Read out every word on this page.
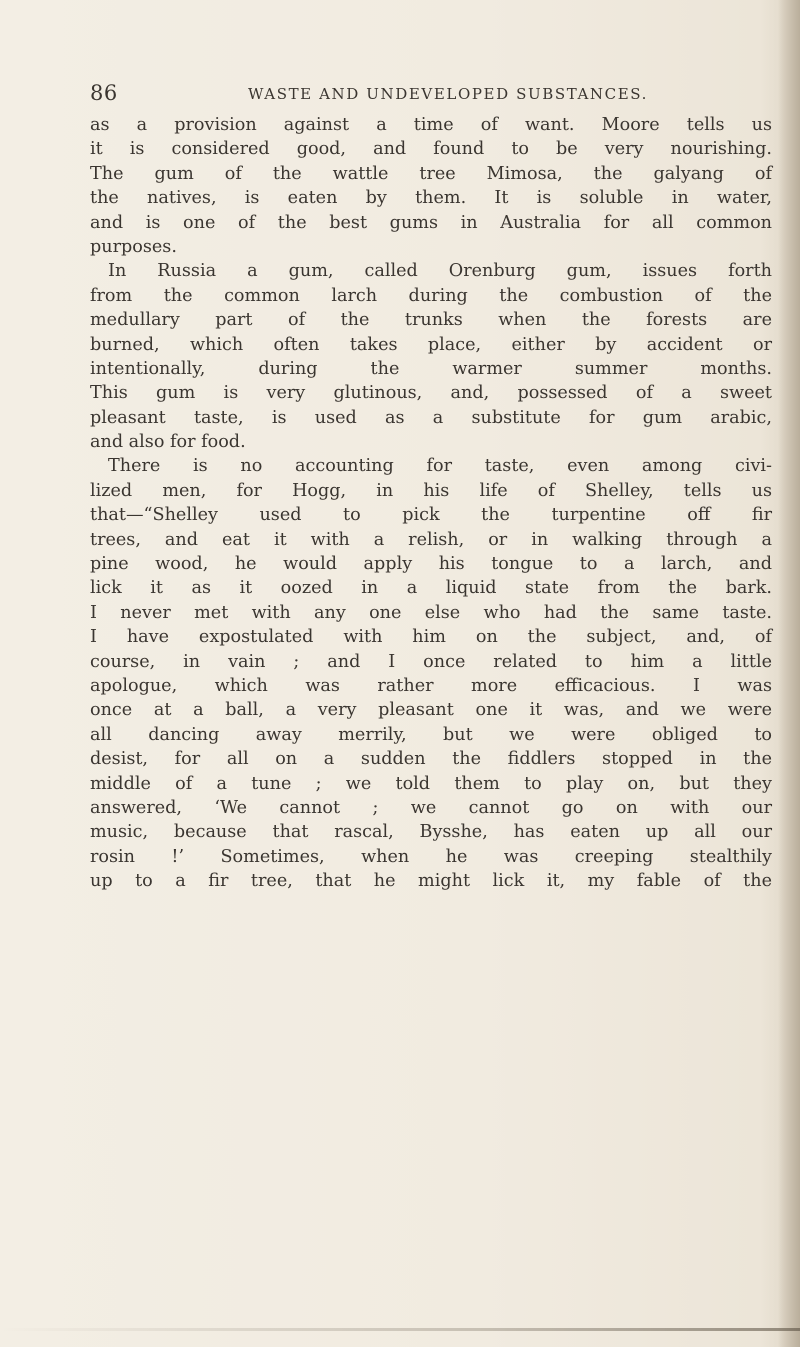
86	WASTE AND UNDEVELOPED SUBSTANCES.
as a provision against a time of want. Moore tells us
it is considered good, and found to be very nourishing.
The gum of the wattle tree Mimosa, the galyang of
the natives, is eaten by them. It is soluble in water,
and is one of the best gums in Australia for all common
purposes.
In Russia a gum, called Orenburg gum, issues forth
from the common larch during the combustion of the
medullary part of the trunks when the forests are
burned, which often takes place, either by accident or
intentionally, during the warmer summer months.
This gum is very glutinous, and, possessed of a sweet
pleasant taste, is used as a substitute for gum arabic,
and also for food.
There is no accounting for taste, even among civi-
lized men, for Hogg, in his life of Shelley, tells us
that—“Shelley used to pick the turpentine off fir
trees, and eat it with a relish, or in walking through a
pine wood, he would apply his tongue to a larch, and
lick it as it oozed in a liquid state from the bark.
I never met with any one else who had the same taste.
I have expostulated with him on the subject, and, of
course, in vain ; and I once related to him a little
apologue, which was rather more efficacious. I was
once at a ball, a very pleasant one it was, and we were
all dancing away merrily, but we were obliged to
desist, for all on a sudden the fiddlers stopped in the
middle of a tune ; we told them to play on, but they
answered, ‘We cannot ; we cannot go on with our
music, because that rascal, Bysshe, has eaten up all our
rosin !’ Sometimes, when he was creeping stealthily
up to a fir tree, that he might lick it, my fable of the
